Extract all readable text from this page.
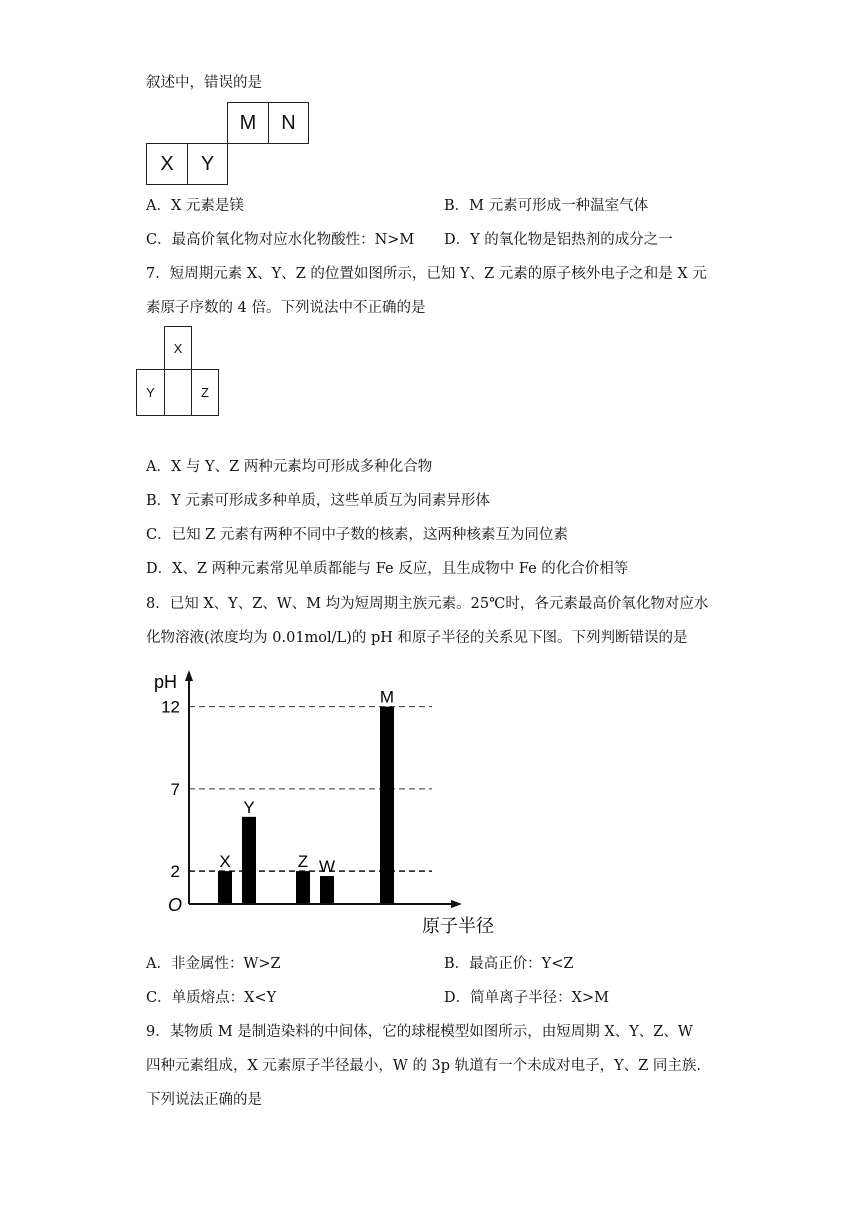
叙述中，错误的是
M	N
X	Y
A．X 元素是镁	B．M 元素可形成一种温室气体
C．最高价氧化物对应水化物酸性：N>M D．Y 的氧化物是铝热剂的成分之一
7．短周期元素 X、Y、Z 的位置如图所示，已知 Y、Z 元素的原子核外电子之和是 X 元
素原子序数的 4 倍。下列说法中不正确的是
X
Y	Z
A．X 与 Y、Z 两种元素均可形成多种化合物
B．Y 元素可形成多种单质，这些单质互为同素异形体
C．已知 Z 元素有两种不同中子数的核素，这两种核素互为同位素
D．X、Z 两种元素常见单质都能与 Fe 反应，且生成物中 Fe 的化合价相等
8．已知 X、Y、Z、W、M 均为短周期主族元素。25℃时，各元素最高价氧化物对应水
化物溶液(浓度均为 0.01mol/L)的 pH 和原子半径的关系见下图。下列判断错误的是
X
Y
Z W
M
2
7
12
pH
O
原子半径
A．非金属性：W>Z	B．最高正价：Y<Z
C．单质熔点：X<Y	D．简单离子半径：X>M
9．某物质 M 是制造染料的中间体，它的球棍模型如图所示，由短周期 X、Y、Z、W
四种元素组成，X 元素原子半径最小，W 的 3p 轨道有一个未成对电子，Y、Z 同主族.
下列说法正确的是
